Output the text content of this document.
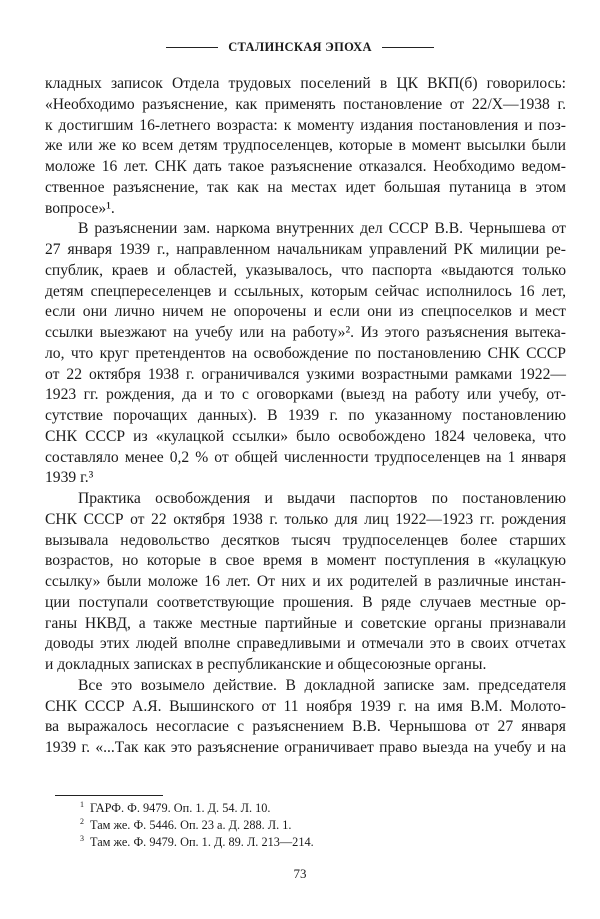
СТАЛИНСКАЯ ЭПОХА
кладных записок Отдела трудовых поселений в ЦК ВКП(б) говорилось:
«Необходимо разъяснение, как применять постановление от 22/X—1938 г.
к достигшим 16-летнего возраста: к моменту издания постановления и поз-
же или же ко всем детям трудпоселенцев, которые в момент высылки были
моложе 16 лет. СНК дать такое разъяснение отказался. Необходимо ведом-
ственное разъяснение, так как на местах идет большая путаница в этом
вопросе»¹.
В разъяснении зам. наркома внутренних дел СССР В.В. Чернышева от
27 января 1939 г., направленном начальникам управлений РК милиции ре-
спублик, краев и областей, указывалось, что паспорта «выдаются только
детям спецпереселенцев и ссыльных, которым сейчас исполнилось 16 лет,
если они лично ничем не опорочены и если они из спецпоселков и мест
ссылки выезжают на учебу или на работу»². Из этого разъяснения вытека-
ло, что круг претендентов на освобождение по постановлению СНК СССР
от 22 октября 1938 г. ограничивался узкими возрастными рамками 1922—
1923 гг. рождения, да и то с оговорками (выезд на работу или учебу, от-
сутствие порочащих данных). В 1939 г. по указанному постановлению
СНК СССР из «кулацкой ссылки» было освобождено 1824 человека, что
составляло менее 0,2 % от общей численности трудпоселенцев на 1 января
1939 г.³
Практика освобождения и выдачи паспортов по постановлению
СНК СССР от 22 октября 1938 г. только для лиц 1922—1923 гг. рождения
вызывала недовольство десятков тысяч трудпоселенцев более старших
возрастов, но которые в свое время в момент поступления в «кулацкую
ссылку» были моложе 16 лет. От них и их родителей в различные инстан-
ции поступали соответствующие прошения. В ряде случаев местные ор-
ганы НКВД, а также местные партийные и советские органы признавали
доводы этих людей вполне справедливыми и отмечали это в своих отчетах
и докладных записках в республиканские и общесоюзные органы.
Все это возымело действие. В докладной записке зам. председателя
СНК СССР А.Я. Вышинского от 11 ноября 1939 г. на имя В.М. Молото-
ва выражалось несогласие с разъяснением В.В. Чернышова от 27 января
1939 г. «...Так как это разъяснение ограничивает право выезда на учебу и на
$^1$ ГАРФ. Ф. 9479. Оп. 1. Д. 54. Л. 10.
$^2$ Там же. Ф. 5446. Оп. 23 а. Д. 288. Л. 1.
$^3$ Там же. Ф. 9479. Оп. 1. Д. 89. Л. 213—214.
73
